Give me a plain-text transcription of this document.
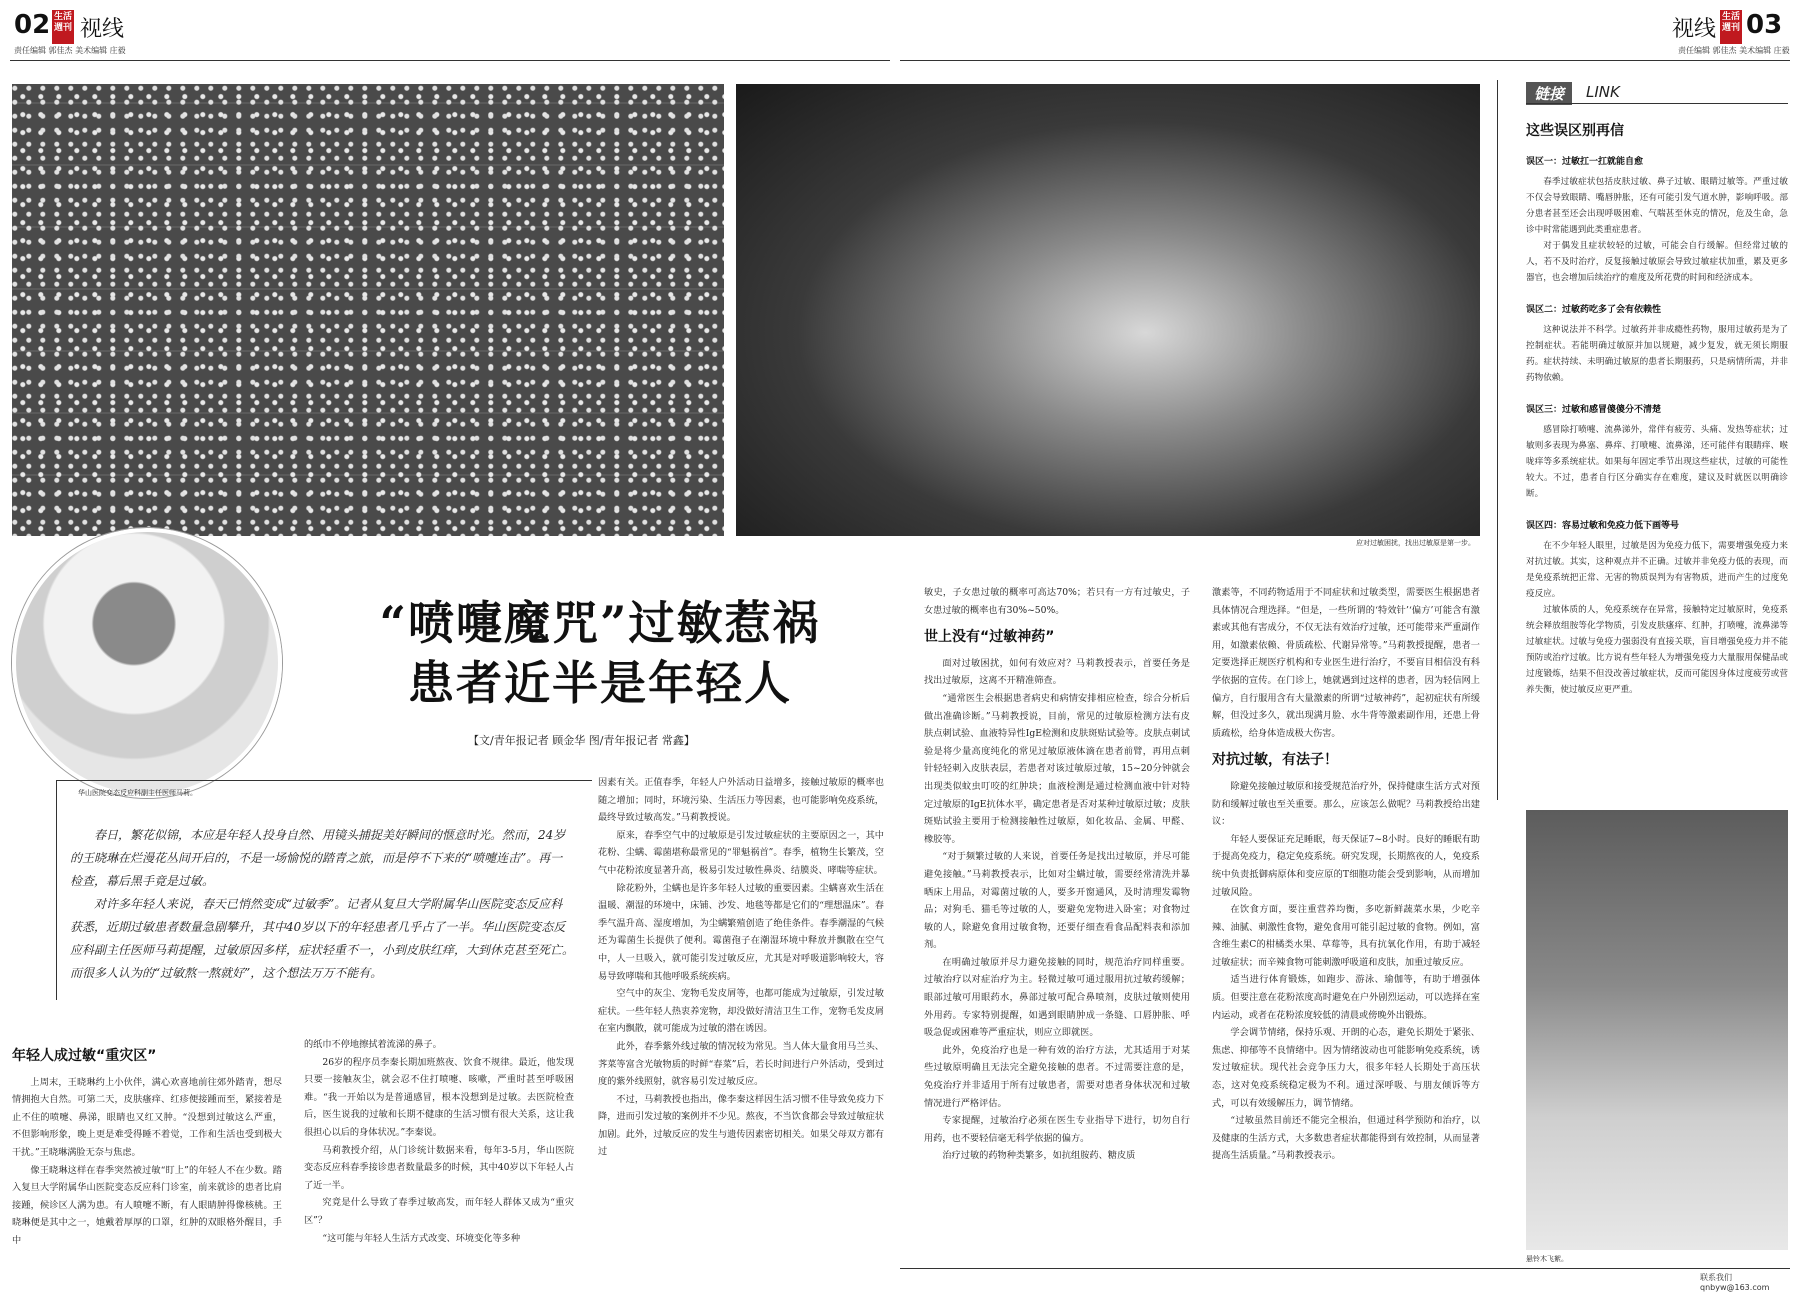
02 生活週刊 视线
责任编辑 郭佳杰 美术编辑 庄毅
视线 生活週刊 03
责任编辑 郭佳杰 美术编辑 庄毅
应对过敏困扰，找出过敏原是第一步。
华山医院变态反应科副主任医师马莉。
“喷嚏魔咒”过敏惹祸
患者近半是年轻人
【文/青年报记者 顾金华 图/青年报记者 常鑫】

春日，繁花似锦，本应是年轻人投身自然、用镜头捕捉美好瞬间的惬意时光。然而，24岁的王晓琳在烂漫花丛间开启的，不是一场愉悦的踏青之旅，而是停不下来的“喷嚏连击”。再一检查，幕后黑手竟是过敏。

对许多年轻人来说，春天已悄然变成“过敏季”。记者从复旦大学附属华山医院变态反应科获悉，近期过敏患者数量急剧攀升，其中40岁以下的年轻患者几乎占了一半。华山医院变态反应科副主任医师马莉提醒，过敏原因多样，症状轻重不一，小到皮肤红痒，大到休克甚至死亡。而很多人认为的“过敏熬一熬就好”，这个想法万万不能有。

年轻人成过敏“重灾区”

上周末，王晓琳约上小伙伴，满心欢喜地前往郊外踏青，想尽情拥抱大自然。可第二天，皮肤瘙痒、红疹便接踵而至，紧接着是止不住的喷嚏、鼻涕，眼睛也又红又肿。“没想到过敏这么严重，不但影响形象，晚上更是难受得睡不着觉，工作和生活也受到极大干扰。”王晓琳满脸无奈与焦虑。

像王晓琳这样在春季突然被过敏“盯上”的年轻人不在少数。踏入复旦大学附属华山医院变态反应科门诊室，前来就诊的患者比肩接踵，候诊区人满为患。有人喷嚏不断，有人眼睛肿得像核桃。王晓琳便是其中之一，她戴着厚厚的口罩，红肿的双眼格外醒目，手中

的纸巾不停地擦拭着流涕的鼻子。

26岁的程序员李秦长期加班熬夜、饮食不规律。最近，他发现只要一接触灰尘，就会忍不住打喷嚏、咳嗽，严重时甚至呼吸困难。“我一开始以为是普通感冒，根本没想到是过敏。去医院检查后，医生说我的过敏和长期不健康的生活习惯有很大关系，这让我很担心以后的身体状况。”李秦说。

马莉教授介绍，从门诊统计数据来看，每年3-5月，华山医院变态反应科春季接诊患者数量最多的时候，其中40岁以下年轻人占了近一半。

究竟是什么导致了春季过敏高发，而年轻人群体又成为“重灾区”？

“这可能与年轻人生活方式改变、环境变化等多种

因素有关。正值春季，年轻人户外活动日益增多，接触过敏原的概率也随之增加；同时，环境污染、生活压力等因素，也可能影响免疫系统，最终导致过敏高发。”马莉教授说。

原来，春季空气中的过敏原是引发过敏症状的主要原因之一，其中花粉、尘螨、霉菌堪称最常见的“罪魁祸首”。春季，植物生长繁茂，空气中花粉浓度显著升高，极易引发过敏性鼻炎、结膜炎、哮喘等症状。

除花粉外，尘螨也是许多年轻人过敏的重要因素。尘螨喜欢生活在温暖、潮湿的环境中，床铺、沙发、地毯等都是它们的“理想温床”。春季气温升高、湿度增加，为尘螨繁殖创造了绝佳条件。春季潮湿的气候还为霉菌生长提供了便利。霉菌孢子在潮湿环境中释放并飘散在空气中，人一旦吸入，就可能引发过敏反应，尤其是对呼吸道影响较大，容易导致哮喘和其他呼吸系统疾病。

空气中的灰尘、宠物毛发皮屑等，也都可能成为过敏原，引发过敏症状。一些年轻人热衷养宠物，却没做好清洁卫生工作，宠物毛发皮屑在室内飘散，就可能成为过敏的潜在诱因。

此外，春季紫外线过敏的情况较为常见。当人体大量食用马兰头、荠菜等富含光敏物质的时鲜“春菜”后，若长时间进行户外活动，受到过度的紫外线照射，就容易引发过敏反应。

不过，马莉教授也指出，像李秦这样因生活习惯不佳导致免疫力下降，进而引发过敏的案例并不少见。熬夜，不当饮食都会导致过敏症状加剧。此外，过敏反应的发生与遗传因素密切相关。如果父母双方都有过

敏史，子女患过敏的概率可高达70%；若只有一方有过敏史，子女患过敏的概率也有30%~50%。

世上没有“过敏神药”

面对过敏困扰，如何有效应对？马莉教授表示，首要任务是找出过敏原，这离不开精准筛查。

“通常医生会根据患者病史和病情安排相应检查，综合分析后做出准确诊断。”马莉教授说，目前，常见的过敏原检测方法有皮肤点刺试验、血液特异性IgE检测和皮肤斑贴试验等。皮肤点刺试验是将少量高度纯化的常见过敏原液体滴在患者前臂，再用点刺针轻轻刺入皮肤表层，若患者对该过敏原过敏，15~20分钟就会出现类似蚊虫叮咬的红肿块；血液检测是通过检测血液中针对特定过敏原的IgE抗体水平，确定患者是否对某种过敏原过敏；皮肤斑贴试验主要用于检测接触性过敏原，如化妆品、金属、甲醛、橡胶等。

“对于频繁过敏的人来说，首要任务是找出过敏原，并尽可能避免接触。”马莉教授表示，比如对尘螨过敏，需要经常清洗并暴晒床上用品，对霉菌过敏的人，要多开窗通风，及时清理发霉物品；对狗毛、猫毛等过敏的人，要避免宠物进入卧室；对食物过敏的人，除避免食用过敏食物，还要仔细查看食品配料表和添加剂。

在明确过敏原并尽力避免接触的同时，规范治疗同样重要。过敏治疗以对症治疗为主。轻微过敏可通过服用抗过敏药缓解；眼部过敏可用眼药水，鼻部过敏可配合鼻喷剂，皮肤过敏则使用外用药。专家特别提醒，如遇到眼睛肿成一条缝、口唇肿胀、呼吸急促或困难等严重症状，则应立即就医。

此外，免疫治疗也是一种有效的治疗方法，尤其适用于对某些过敏原明确且无法完全避免接触的患者。不过需要注意的是，免疫治疗并非适用于所有过敏患者，需要对患者身体状况和过敏情况进行严格评估。

专家提醒，过敏治疗必须在医生专业指导下进行，切勿自行用药，也不要轻信毫无科学依据的偏方。

治疗过敏的药物种类繁多，如抗组胺药、糖皮质

激素等，不同药物适用于不同症状和过敏类型，需要医生根据患者具体情况合理选择。“但是，一些所谓的‘特效针’‘偏方’可能含有激素或其他有害成分，不仅无法有效治疗过敏，还可能带来严重副作用，如激素依赖、骨质疏松、代谢异常等。”马莉教授提醒，患者一定要选择正规医疗机构和专业医生进行治疗，不要盲目相信没有科学依据的宣传。在门诊上，她就遇到过这样的患者，因为轻信网上偏方，自行服用含有大量激素的所谓“过敏神药”，起初症状有所缓解，但没过多久，就出现满月脸、水牛背等激素副作用，还患上骨质疏松，给身体造成极大伤害。

对抗过敏，有法子！

除避免接触过敏原和接受规范治疗外，保持健康生活方式对预防和缓解过敏也至关重要。那么，应该怎么做呢？马莉教授给出建议：

年轻人要保证充足睡眠，每天保证7~8小时。良好的睡眠有助于提高免疫力，稳定免疫系统。研究发现，长期熬夜的人，免疫系统中负责抵御病原体和变应原的T细胞功能会受到影响，从而增加过敏风险。

在饮食方面，要注重营养均衡，多吃新鲜蔬菜水果，少吃辛辣、油腻、刺激性食物，避免食用可能引起过敏的食物。例如，富含维生素C的柑橘类水果、草莓等，具有抗氧化作用，有助于减轻过敏症状；而辛辣食物可能刺激呼吸道和皮肤，加重过敏反应。

适当进行体育锻炼，如跑步、游泳、瑜伽等，有助于增强体质。但要注意在花粉浓度高时避免在户外剧烈运动，可以选择在室内运动，或者在花粉浓度较低的清晨或傍晚外出锻炼。

学会调节情绪，保持乐观、开朗的心态，避免长期处于紧张、焦虑、抑郁等不良情绪中。因为情绪波动也可能影响免疫系统，诱发过敏症状。现代社会竞争压力大，很多年轻人长期处于高压状态，这对免疫系统稳定极为不利。通过深呼吸、与朋友倾诉等方式，可以有效缓解压力，调节情绪。

“过敏虽然目前还不能完全根治，但通过科学预防和治疗，以及健康的生活方式，大多数患者症状都能得到有效控制，从而显著提高生活质量。”马莉教授表示。

链接	LINK
这些误区别再信
误区一：过敏扛一扛就能自愈

春季过敏症状包括皮肤过敏、鼻子过敏、眼睛过敏等。严重过敏不仅会导致眼睛、嘴唇肿胀，还有可能引发气道水肿，影响呼吸。部分患者甚至还会出现呼吸困难、气喘甚至休克的情况，危及生命，急诊中时常能遇到此类重症患者。

对于偶发且症状较轻的过敏，可能会自行缓解。但经常过敏的人，若不及时治疗，反复接触过敏原会导致过敏症状加重，累及更多器官，也会增加后续治疗的难度及所花费的时间和经济成本。

误区二：过敏药吃多了会有依赖性

这种说法并不科学。过敏药并非成瘾性药物，服用过敏药是为了控制症状。若能明确过敏原并加以规避，减少复发，就无须长期服药。症状持续、未明确过敏原的患者长期服药，只是病情所需，并非药物依赖。

误区三：过敏和感冒傻傻分不清楚

感冒除打喷嚏、流鼻涕外，常伴有疲劳、头痛、发热等症状；过敏则多表现为鼻塞、鼻痒、打喷嚏、流鼻涕，还可能伴有眼睛痒、喉咙痒等多系统症状。如果每年固定季节出现这些症状，过敏的可能性较大。不过，患者自行区分确实存在难度，建议及时就医以明确诊断。

误区四：容易过敏和免疫力低下画等号

在不少年轻人眼里，过敏是因为免疫力低下，需要增强免疫力来对抗过敏。其实，这种观点并不正确。过敏并非免疫力低的表现，而是免疫系统把正常、无害的物质误判为有害物质，进而产生的过度免疫反应。

过敏体质的人，免疫系统存在异常，接触特定过敏原时，免疫系统会释放组胺等化学物质，引发皮肤瘙痒、红肿，打喷嚏，流鼻涕等过敏症状。过敏与免疫力强弱没有直接关联，盲目增强免疫力并不能预防或治疗过敏。比方说有些年轻人为增强免疫力大量服用保健品或过度锻炼，结果不但没改善过敏症状，反而可能因身体过度疲劳或营养失衡，使过敏反应更严重。

悬铃木飞絮。
联系我们 qnbyw@163.com
